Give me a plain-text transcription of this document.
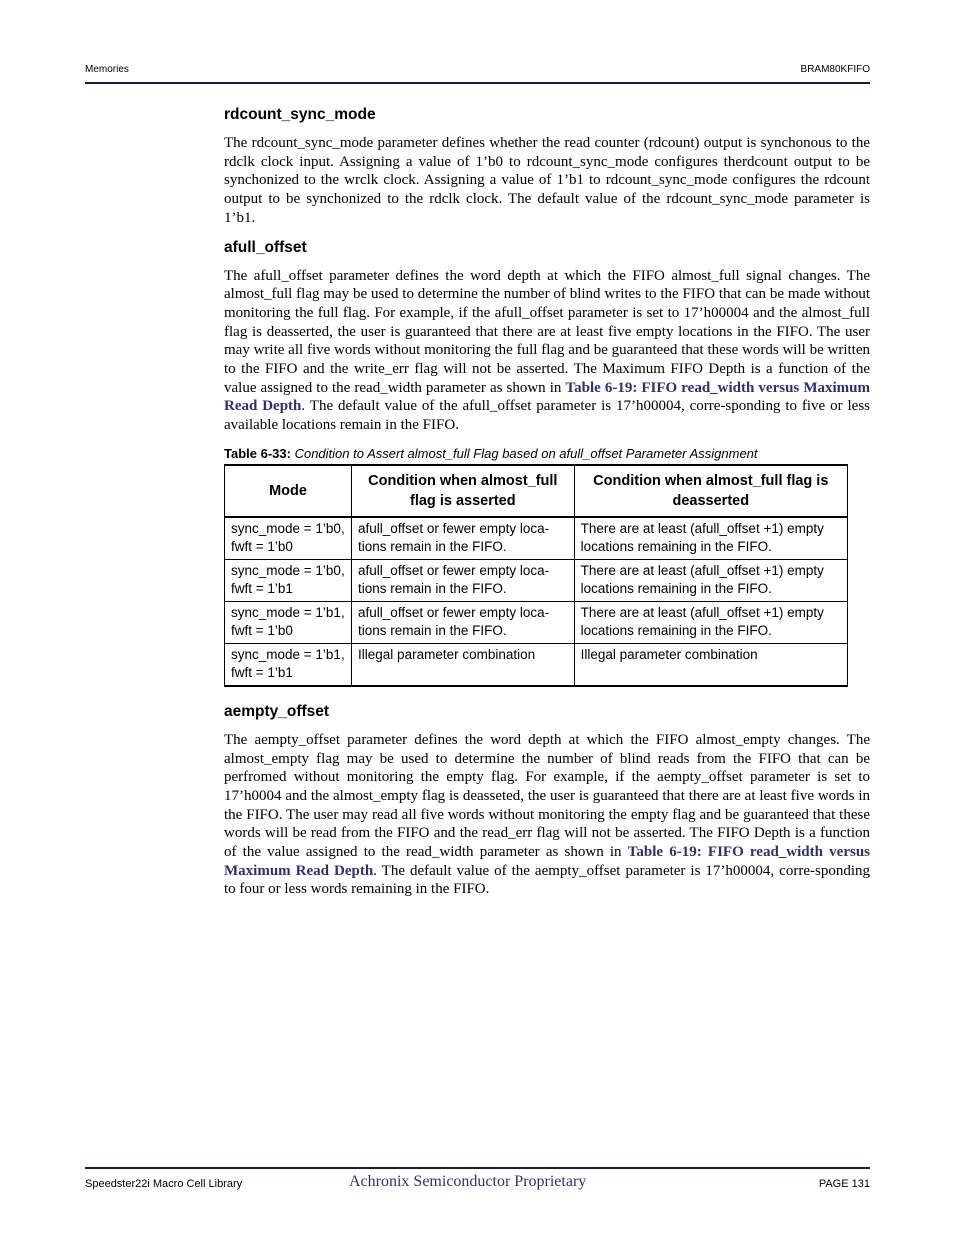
Memories	BRAM80KFIFO
rdcount_sync_mode

The rdcount_sync_mode parameter defines whether the read counter (rdcount) output is synchonous to the rdclk clock input. Assigning a value of 1’b0 to rdcount_sync_mode configures therdcount output to be synchonized to the wrclk clock. Assigning a value of 1’b1 to rdcount_sync_mode configures the rdcount output to be synchonized to the rdclk clock. The default value of the rdcount_sync_mode parameter is 1’b1.

afull_offset

The afull_offset parameter defines the word depth at which the FIFO almost_full signal changes. The almost_full flag may be used to determine the number of blind writes to the FIFO that can be made without monitoring the full flag. For example, if the afull_offset parameter is set to 17’h00004 and the almost_full flag is deasserted, the user is guaranteed that there are at least five empty locations in the FIFO. The user may write all five words without monitoring the full flag and be guaranteed that these words will be written to the FIFO and the write_err flag will not be asserted. The Maximum FIFO Depth is a function of the value assigned to the read_width parameter as shown in Table 6-19: FIFO read_width versus Maximum Read Depth. The default value of the afull_offset parameter is 17’h00004, corre-sponding to five or less available locations remain in the FIFO.

Table 6-33: Condition to Assert almost_full Flag based on afull_offset Parameter Assignment
Mode	Condition when almost_full flag is asserted	Condition when almost_full flag is deasserted
sync_mode = 1’b0, fwft = 1’b0	afull_offset or fewer empty loca-tions remain in the FIFO.	There are at least (afull_offset +1) empty locations remaining in the FIFO.
sync_mode = 1’b0, fwft = 1’b1	afull_offset or fewer empty loca-tions remain in the FIFO.	There are at least (afull_offset +1) empty locations remaining in the FIFO.
sync_mode = 1’b1, fwft = 1’b0	afull_offset or fewer empty loca-tions remain in the FIFO.	There are at least (afull_offset +1) empty locations remaining in the FIFO.
sync_mode = 1’b1, fwft = 1’b1	Illegal parameter combination	Illegal parameter combination
aempty_offset

The aempty_offset parameter defines the word depth at which the FIFO almost_empty changes. The almost_empty flag may be used to determine the number of blind reads from the FIFO that can be perfromed without monitoring the empty flag. For example, if the aempty_offset parameter is set to 17’h0004 and the almost_empty flag is deasseted, the user is guaranteed that there are at least five words in the FIFO. The user may read all five words without monitoring the empty flag and be guaranteed that these words will be read from the FIFO and the read_err flag will not be asserted. The FIFO Depth is a function of the value assigned to the read_width parameter as shown in Table 6-19: FIFO read_width versus Maximum Read Depth. The default value of the aempty_offset parameter is 17’h00004, corre-sponding to four or less words remaining in the FIFO.

Speedster22i Macro Cell Library	Achronix Semiconductor Proprietary	PAGE 131
